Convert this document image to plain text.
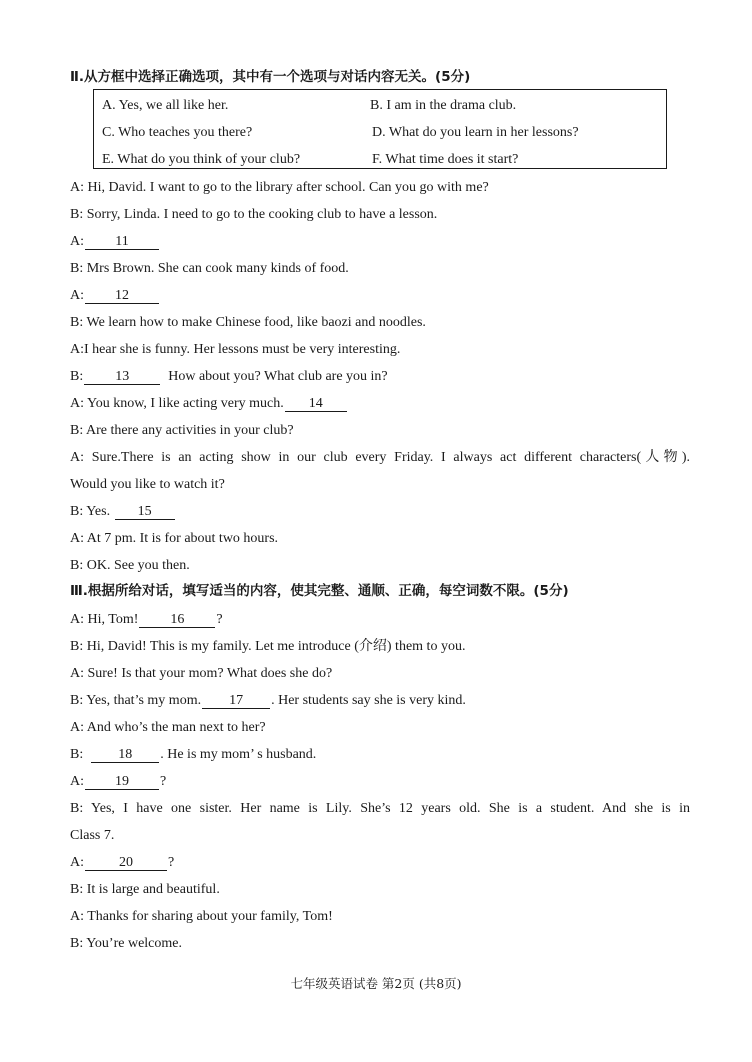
Ⅱ.从方框中选择正确选项，其中有一个选项与对话内容无关。(5分)
A. Yes, we all like her.	B. I am in the drama club.
C. Who teaches you there?	D. What do you learn in her lessons?
E. What do you think of your club?	F. What time does it start?
A: Hi, David. I want to go to the library after school. Can you go with me?
B: Sorry, Linda. I need to go to the cooking club to have a lesson.
A: 11
B: Mrs Brown. She can cook many kinds of food.
A: 12
B: We learn how to make Chinese food, like baozi and noodles.
A:I hear she is funny. Her lessons must be very interesting.
B: 13  How about you? What club are you in?
A: You know, I like acting very much. 14
B: Are there any activities in your club?
A: Sure.There is an acting show in our club every Friday. I always act different characters(人物).
Would you like to watch it?
B: Yes. 15
A: At 7 pm. It is for about two hours.
B: OK. See you then.
Ⅲ.根据所给对话，填写适当的内容，使其完整、通顺、正确，每空词数不限。(5分)
A: Hi, Tom! 16 ?
B: Hi, David! This is my family. Let me introduce (介绍) them to you.
A: Sure! Is that your mom? What does she do?
B: Yes, that’s my mom. 17 . Her students say she is very kind.
A: And who’s the man next to her?
B:  18 . He is my mom’ s husband.
A: 19 ?
B: Yes, I have one sister. Her name is Lily. She’s 12 years old. She is a student. And she is in
Class 7.
A:	20	?
B: It is large and beautiful.
A: Thanks for sharing about your family, Tom!
B: You’re welcome.
七年级英语试卷 第2页 (共8页)
